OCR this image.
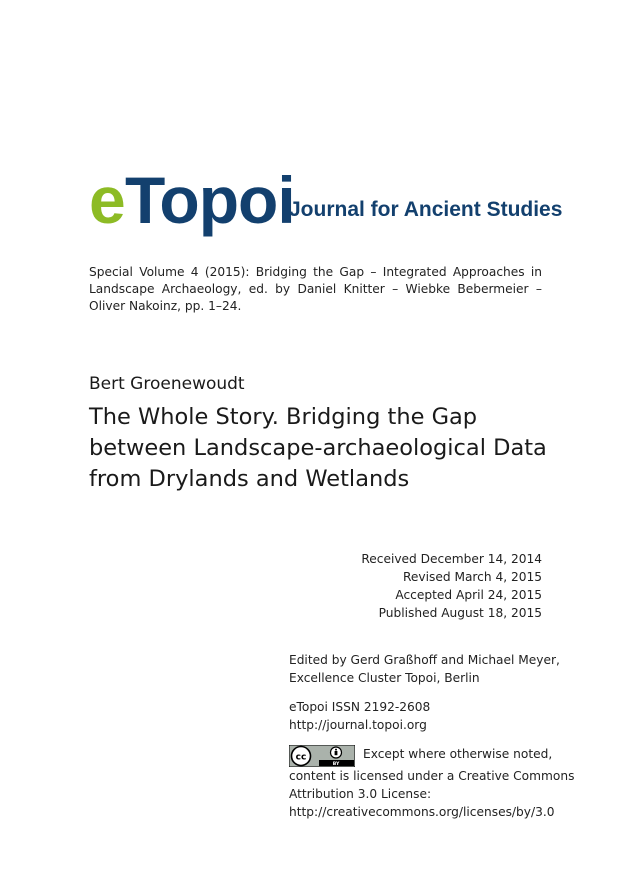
e Topoi
Journal for Ancient Studies
Special Volume 4 (2015): Bridging the Gap – Integrated Approaches in Landscape Archaeology, ed. by Daniel Knitter – Wiebke Bebermeier – Oliver Nakoinz, pp. 1–24.
Bert Groenewoudt
The Whole Story. Bridging the Gap between Landscape-archaeological Data from Drylands and Wetlands
Received December 14, 2014
Revised March 4, 2015
Accepted April 24, 2015
Published August 18, 2015
Edited by Gerd Graßhoff and Michael Meyer,
Excellence Cluster Topoi, Berlin
eTopoi ISSN 2192-2608
http://journal.topoi.org
cc
BY
Except where otherwise noted,
content is licensed under a Creative Commons
Attribution 3.0 License:
http://creativecommons.org/licenses/by/3.0
